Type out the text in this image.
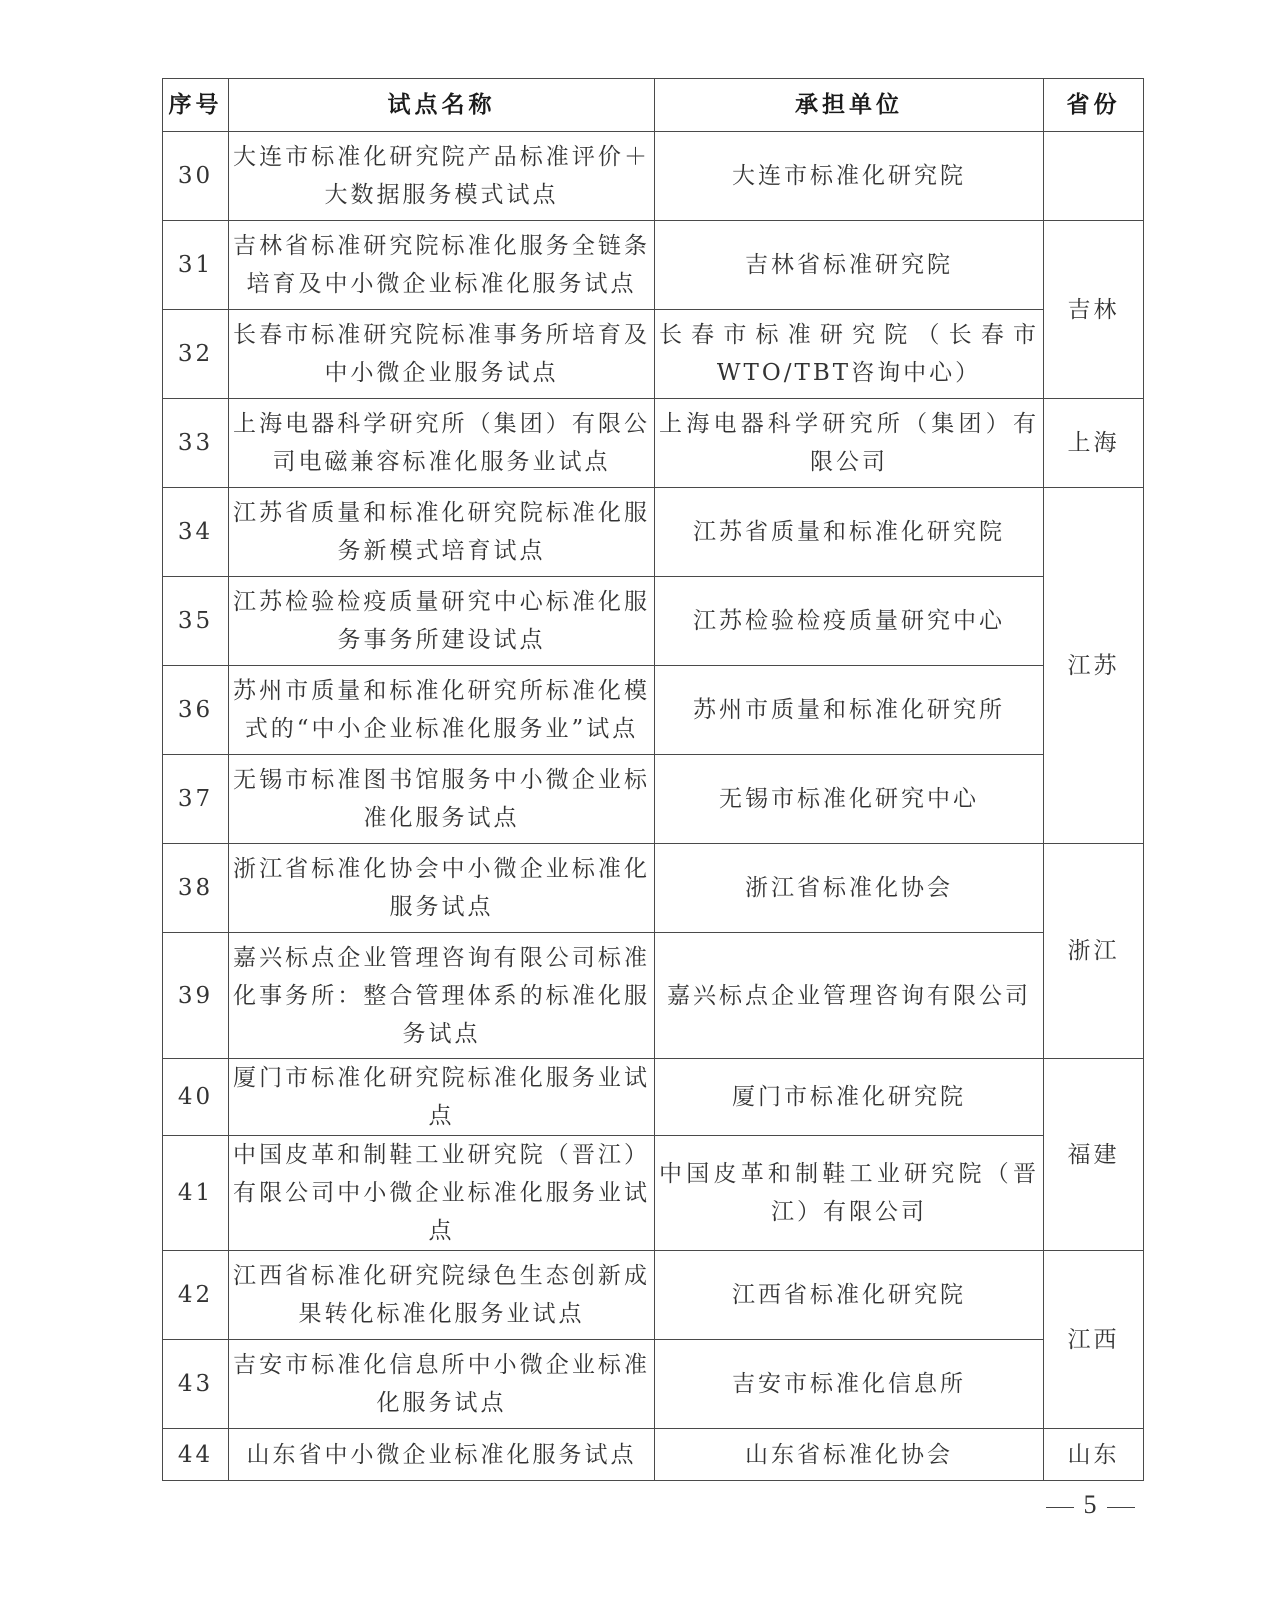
序号	试点名称	承担单位	省份
30	大连市标准化研究院产品标准评价＋大数据服务模式试点	大连市标准化研究院	
31	吉林省标准研究院标准化服务全链条培育及中小微企业标准化服务试点	吉林省标准研究院	吉林
32	长春市标准研究院标准事务所培育及中小微企业服务试点	长春市标准研究院（长春市WTO/TBT咨询中心）	
33	上海电器科学研究所（集团）有限公司电磁兼容标准化服务业试点	上海电器科学研究所（集团）有限公司	上海
34	江苏省质量和标准化研究院标准化服务新模式培育试点	江苏省质量和标准化研究院	江苏
35	江苏检验检疫质量研究中心标准化服务事务所建设试点	江苏检验检疫质量研究中心	
36	苏州市质量和标准化研究所标准化模式的“中小企业标准化服务业”试点	苏州市质量和标准化研究所	
37	无锡市标准图书馆服务中小微企业标准化服务试点	无锡市标准化研究中心	
38	浙江省标准化协会中小微企业标准化服务试点	浙江省标准化协会	浙江
39	嘉兴标点企业管理咨询有限公司标准化事务所：整合管理体系的标准化服务试点	嘉兴标点企业管理咨询有限公司	
40	厦门市标准化研究院标准化服务业试点	厦门市标准化研究院	福建
41	中国皮革和制鞋工业研究院（晋江）有限公司中小微企业标准化服务业试点	中国皮革和制鞋工业研究院（晋江）有限公司	
42	江西省标准化研究院绿色生态创新成果转化标准化服务业试点	江西省标准化研究院	江西
43	吉安市标准化信息所中小微企业标准化服务试点	吉安市标准化信息所	
44	山东省中小微企业标准化服务试点	山东省标准化协会	山东
5
